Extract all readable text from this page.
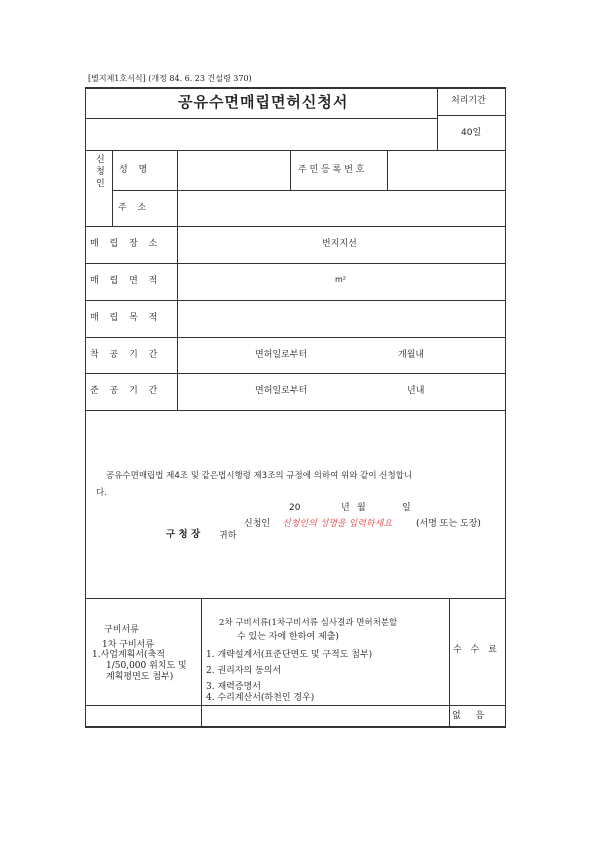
[별지제1호서식] (개정 84. 6. 23 건설령 370)
공유수면매립면허신청서	처리기간
40일
신
청
인
성 명	주 민 등 록 번 호
주 소
매 립 장 소	번지지선
매 립 면 적	m²
매 립 목 적
착 공 기 간	면허일로부터	개월내
준 공 기 간	면허일로부터	년내
공유수면매립법 제4조 및 같은법시행령 제3조의 규정에 의하여 위와 같이 신청합니
다.
20	년 월	일
신청인 신청인의 성명을 입력하세요	(서명 또는 도장)
구 청 장 귀하
구비서류
1차 구비서류
1.사업계획서(축적
1/50,000 위치도 및
계획평면도 첨부)
2차 구비서류(1차구비서류 심사결과 면허처분할
수 있는 자에 한하여 제출)
1. 개략설계서(표준단면도 및 구적도 첨부)
2. 권리자의 동의서
3. 재력증명서
4. 수리계산서(하천인 경우)
수 수 료
없 음
